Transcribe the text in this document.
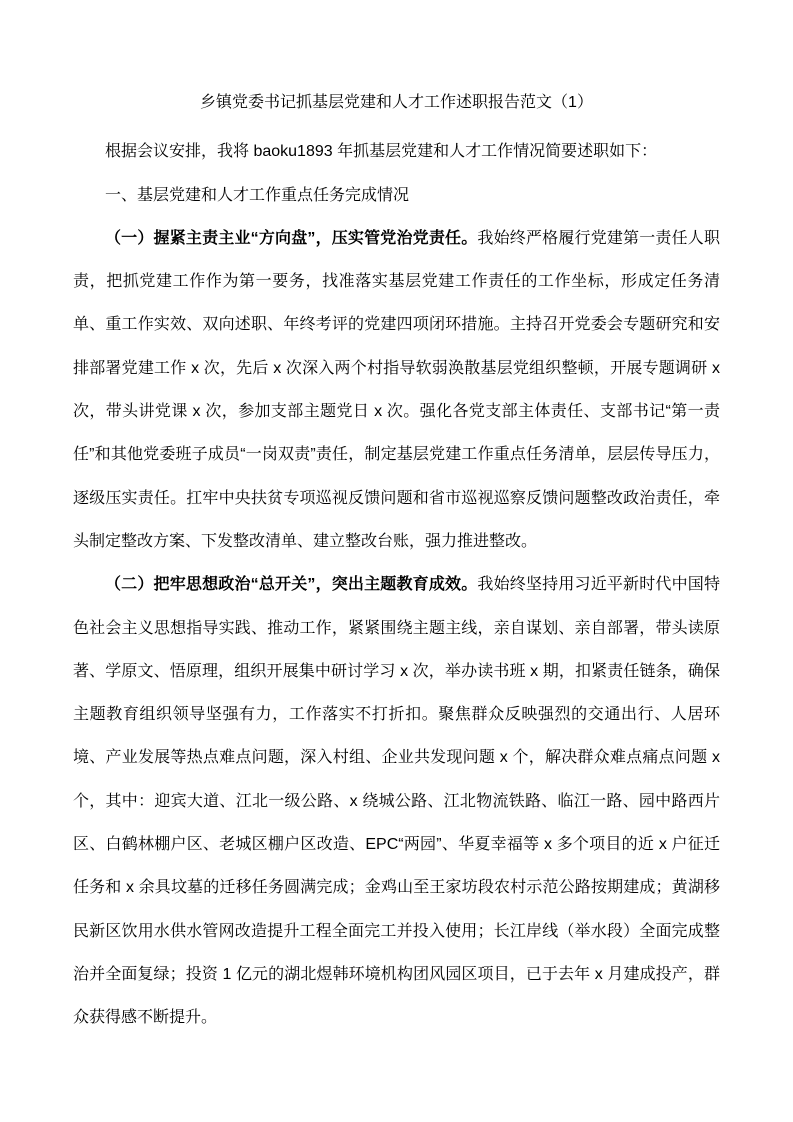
乡镇党委书记抓基层党建和人才工作述职报告范文（1）

根据会议安排，我将 baoku1893 年抓基层党建和人才工作情况简要述职如下：

一、基层党建和人才工作重点任务完成情况

（一）握紧主责主业“方向盘”，压实管党治党责任。我始终严格履行党建第一责任人职责，把抓党建工作作为第一要务，找准落实基层党建工作责任的工作坐标，形成定任务清单、重工作实效、双向述职、年终考评的党建四项闭环措施。主持召开党委会专题研究和安排部署党建工作 x 次，先后 x 次深入两个村指导软弱涣散基层党组织整顿，开展专题调研 x 次，带头讲党课 x 次，参加支部主题党日 x 次。强化各党支部主体责任、支部书记“第一责任”和其他党委班子成员“一岗双责”责任，制定基层党建工作重点任务清单，层层传导压力，逐级压实责任。扛牢中央扶贫专项巡视反馈问题和省市巡视巡察反馈问题整改政治责任，牵头制定整改方案、下发整改清单、建立整改台账，强力推进整改。

（二）把牢思想政治“总开关”，突出主题教育成效。我始终坚持用习近平新时代中国特色社会主义思想指导实践、推动工作，紧紧围绕主题主线，亲自谋划、亲自部署，带头读原著、学原文、悟原理，组织开展集中研讨学习 x 次，举办读书班 x 期，扣紧责任链条，确保主题教育组织领导坚强有力，工作落实不打折扣。聚焦群众反映强烈的交通出行、人居环境、产业发展等热点难点问题，深入村组、企业共发现问题 x 个，解决群众难点痛点问题 x 个，其中：迎宾大道、江北一级公路、x 绕城公路、江北物流铁路、临江一路、园中路西片区、白鹤林棚户区、老城区棚户区改造、EPC“两园”、华夏幸福等 x 多个项目的近 x 户征迁任务和 x 余具坟墓的迁移任务圆满完成；金鸡山至王家坊段农村示范公路按期建成；黄湖移民新区饮用水供水管网改造提升工程全面完工并投入使用；长江岸线（举水段）全面完成整治并全面复绿；投资 1 亿元的湖北煜韩环境机构团风园区项目，已于去年 x 月建成投产，群众获得感不断提升。
